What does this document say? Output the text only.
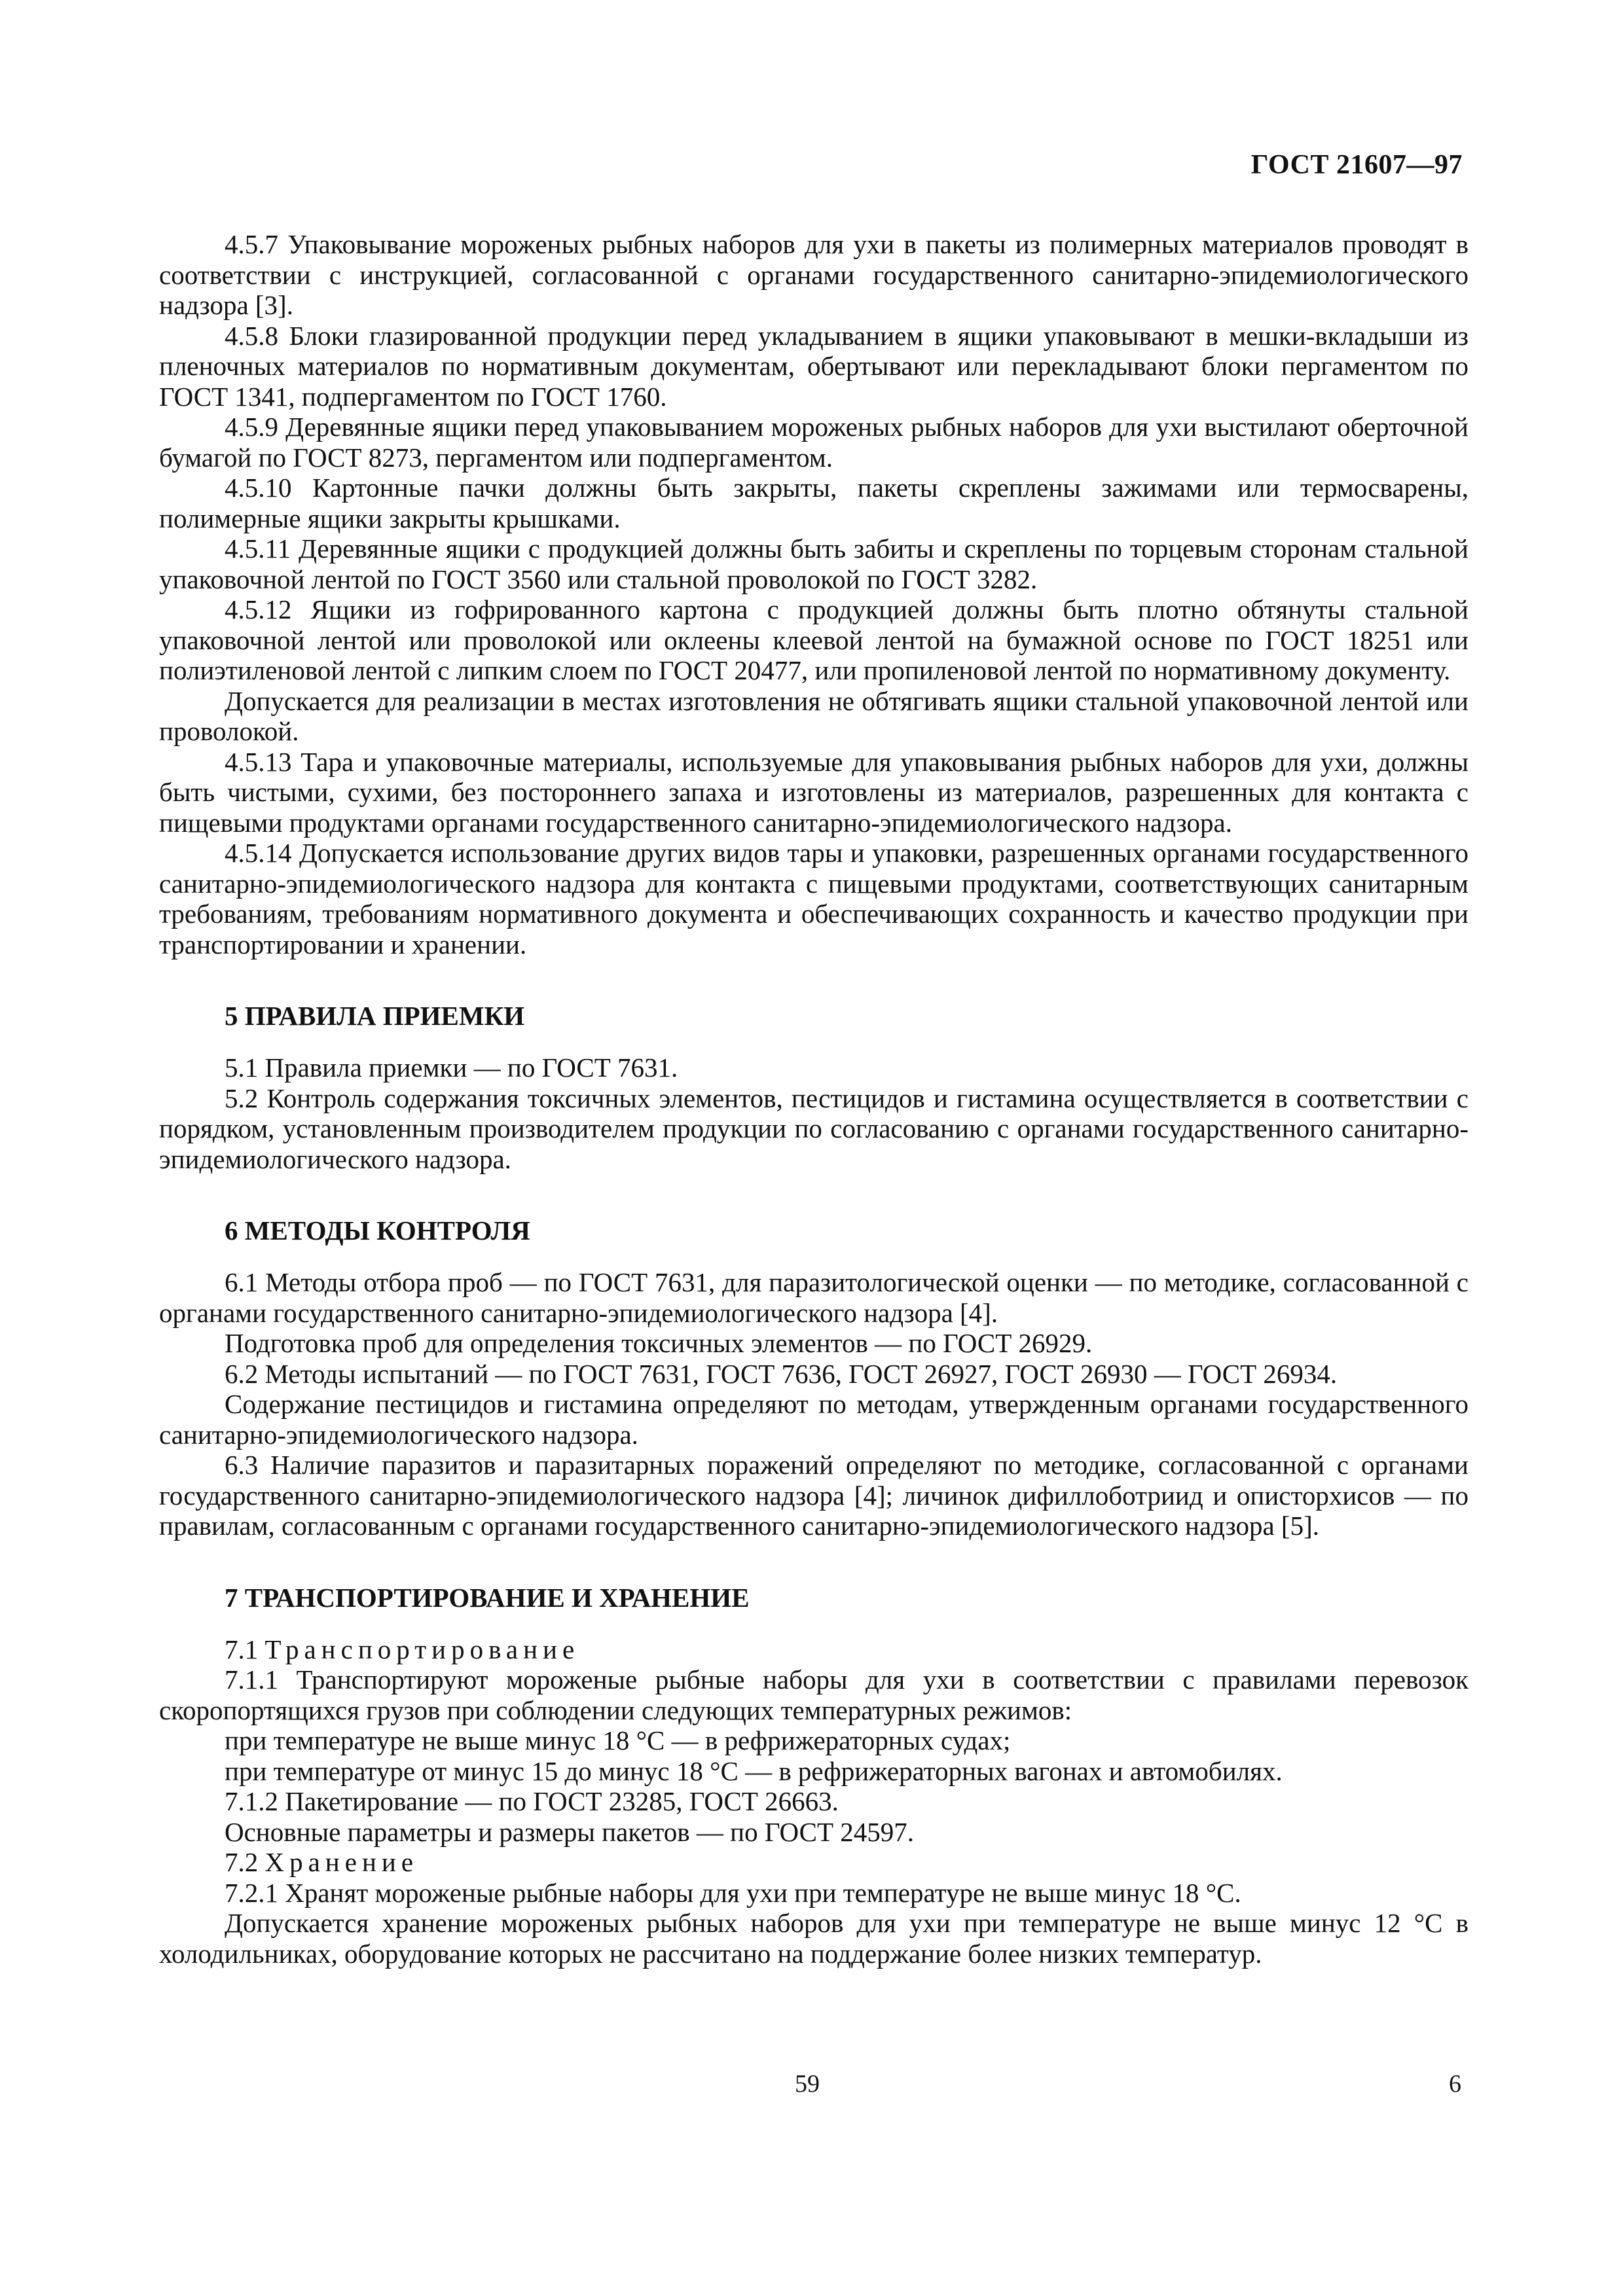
ГОСТ 21607—97

4.5.7 Упаковывание мороженых рыбных наборов для ухи в пакеты из полимерных материалов проводят в соответствии с инструкцией, согласованной с органами государственного санитарно-эпидемиологического надзора [3].

4.5.8 Блоки глазированной продукции перед укладыванием в ящики упаковывают в мешки-вкладыши из пленочных материалов по нормативным документам, обертывают или перекладывают блоки пергаментом по ГОСТ 1341, подпергаментом по ГОСТ 1760.

4.5.9 Деревянные ящики перед упаковыванием мороженых рыбных наборов для ухи выстилают оберточной бумагой по ГОСТ 8273, пергаментом или подпергаментом.

4.5.10 Картонные пачки должны быть закрыты, пакеты скреплены зажимами или термосварены, полимерные ящики закрыты крышками.

4.5.11 Деревянные ящики с продукцией должны быть забиты и скреплены по торцевым сторонам стальной упаковочной лентой по ГОСТ 3560 или стальной проволокой по ГОСТ 3282.

4.5.12 Ящики из гофрированного картона с продукцией должны быть плотно обтянуты стальной упаковочной лентой или проволокой или оклеены клеевой лентой на бумажной основе по ГОСТ 18251 или полиэтиленовой лентой с липким слоем по ГОСТ 20477, или пропиленовой лентой по нормативному документу.

Допускается для реализации в местах изготовления не обтягивать ящики стальной упаковочной лентой или проволокой.

4.5.13 Тара и упаковочные материалы, используемые для упаковывания рыбных наборов для ухи, должны быть чистыми, сухими, без постороннего запаха и изготовлены из материалов, разрешенных для контакта с пищевыми продуктами органами государственного санитарно-эпидемиологического надзора.

4.5.14 Допускается использование других видов тары и упаковки, разрешенных органами государственного санитарно-эпидемиологического надзора для контакта с пищевыми продуктами, соответствующих санитарным требованиям, требованиям нормативного документа и обеспечивающих сохранность и качество продукции при транспортировании и хранении.

5 ПРАВИЛА ПРИЕМКИ

5.1 Правила приемки — по ГОСТ 7631.

5.2 Контроль содержания токсичных элементов, пестицидов и гистамина осуществляется в соответствии с порядком, установленным производителем продукции по согласованию с органами государственного санитарно-эпидемиологического надзора.

6 МЕТОДЫ КОНТРОЛЯ

6.1 Методы отбора проб — по ГОСТ 7631, для паразитологической оценки — по методике, согласованной с органами государственного санитарно-эпидемиологического надзора [4].

Подготовка проб для определения токсичных элементов — по ГОСТ 26929.

6.2 Методы испытаний — по ГОСТ 7631, ГОСТ 7636, ГОСТ 26927, ГОСТ 26930 — ГОСТ 26934.

Содержание пестицидов и гистамина определяют по методам, утвержденным органами государственного санитарно-эпидемиологического надзора.

6.3 Наличие паразитов и паразитарных поражений определяют по методике, согласованной с органами государственного санитарно-эпидемиологического надзора [4]; личинок дифиллоботриид и описторхисов — по правилам, согласованным с органами государственного санитарно-эпидемиологического надзора [5].

7 ТРАНСПОРТИРОВАНИЕ И ХРАНЕНИЕ

7.1 Транспортирование

7.1.1 Транспортируют мороженые рыбные наборы для ухи в соответствии с правилами перевозок скоропортящихся грузов при соблюдении следующих температурных режимов:

при температуре не выше минус 18 °С — в рефрижераторных судах;

при температуре от минус 15 до минус 18 °С — в рефрижераторных вагонах и автомобилях.

7.1.2 Пакетирование — по ГОСТ 23285, ГОСТ 26663.

Основные параметры и размеры пакетов — по ГОСТ 24597.

7.2 Хранение

7.2.1 Хранят мороженые рыбные наборы для ухи при температуре не выше минус 18 °С.

Допускается хранение мороженых рыбных наборов для ухи при температуре не выше минус 12 °С в холодильниках, оборудование которых не рассчитано на поддержание более низких температур.

59	6
